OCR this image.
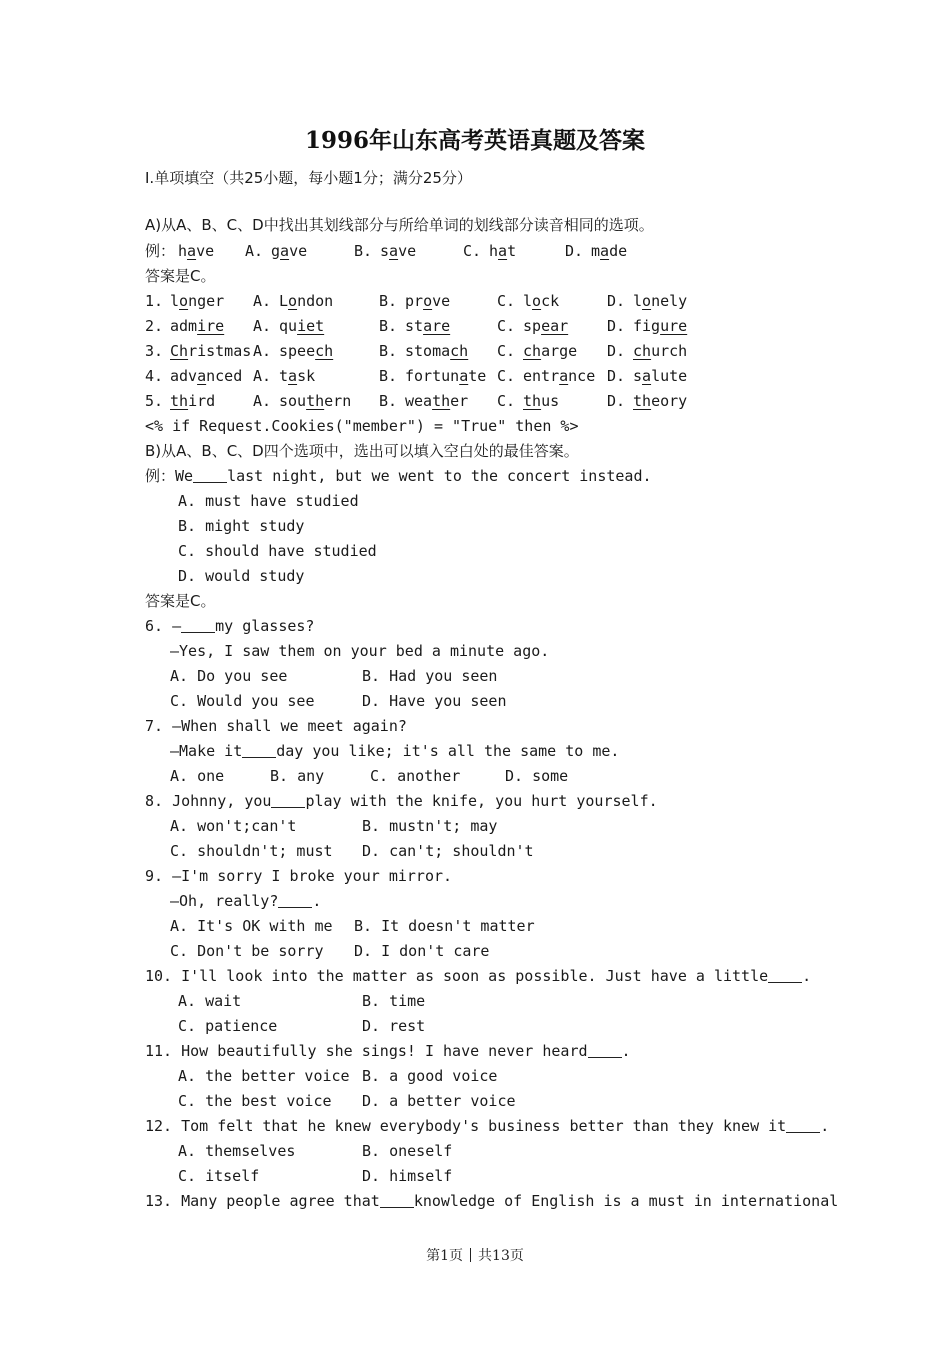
1996年山东高考英语真题及答案
Ⅰ.单项填空（共25小题，每小题1分；满分25分）
A)从A、B、C、D中找出其划线部分与所给单词的划线部分读音相同的选项。
例： have A. gave	B. save	C. hat	D. made
1. longer A. London	B. prove	C. lock	D. lonely
2. admire A. quiet	B. stare	C. spear	D. figure
3. Christmas A. speech	B. stomach C. charge D. church
4. advanced A. task	B. fortunate C. entrance D. salute
5. third	A. southern B. weather C. thus	D. theory
答案是C。
<% if Request.Cookies("member") = "True" then %>
B)从A、B、C、D四个选项中，选出可以填入空白处的最佳答案。
例：We last night, but we went to the concert instead.
A. must have studied
B. might study
C. should have studied
D. would study
答案是C。
6. — my glasses?
—Yes, I saw them on your bed a minute ago.
A. Do you see	B. Had you seen
C. Would you see	D. Have you seen
7. —When shall we meet again?
—Make it day you like; it's all the same to me.
A. one	B. any	C. another	D. some
8. Johnny, you play with the knife, you hurt yourself.
A. won't;can't	B. mustn't; may
C. shouldn't; must D. can't; shouldn't
9. —I'm sorry I broke your mirror.
—Oh, really? .
A. It's OK with me B. It doesn't matter
C. Don't be sorry D. I don't care
10. I'll look into the matter as soon as possible. Just have a little .
A. wait	B. time
C. patience	D. rest
11. How beautifully she sings! I have never heard .
A. the better voice B. a good voice
C. the best voice D. a better voice
12. Tom felt that he knew everybody's business better than they knew it .
A. themselves	B. oneself
C. itself	D. himself
13. Many people agree that knowledge of English is a must in international
第1页 共13页
